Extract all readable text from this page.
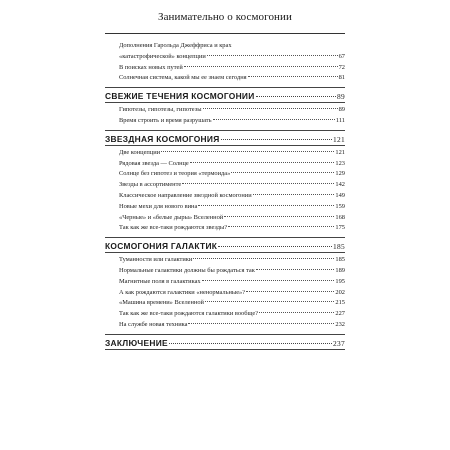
Занимательно о космогонии
Дополнения Гарольда Джеффриса и крах
«катастрофической» концепции	67
В поисках новых путей	72
Солнечная система, какой мы ее знаем сегодня	81
СВЕЖИЕ ТЕЧЕНИЯ КОСМОГОНИИ	89
Гипотезы, гипотезы, гипотезы	89
Время строить и время разрушать	111
ЗВЕЗДНАЯ КОСМОГОНИЯ	121
Две концепции	121
Рядовая звезда — Солнце	123
Солнце без гипотез и теория «термоида»	129
Звезды в ассортименте	142
Классическое направление звездной космогонии	149
Новые мехи для нового вина	159
«Черные» и «белые дыры» Вселенной	168
Так как же все-таки рождаются звезды?	175
КОСМОГОНИЯ ГАЛАКТИК	185
Туманности или галактики	185
Нормальные галактики должны бы рождаться так	189
Магнитные поля в галактиках	195
А как рождаются галактики «ненормальные»?	202
«Машина времени» Вселенной	215
Так как же все-таки рождаются галактики вообще?	227
На службе новая техника	232
ЗАКЛЮЧЕНИЕ	237
